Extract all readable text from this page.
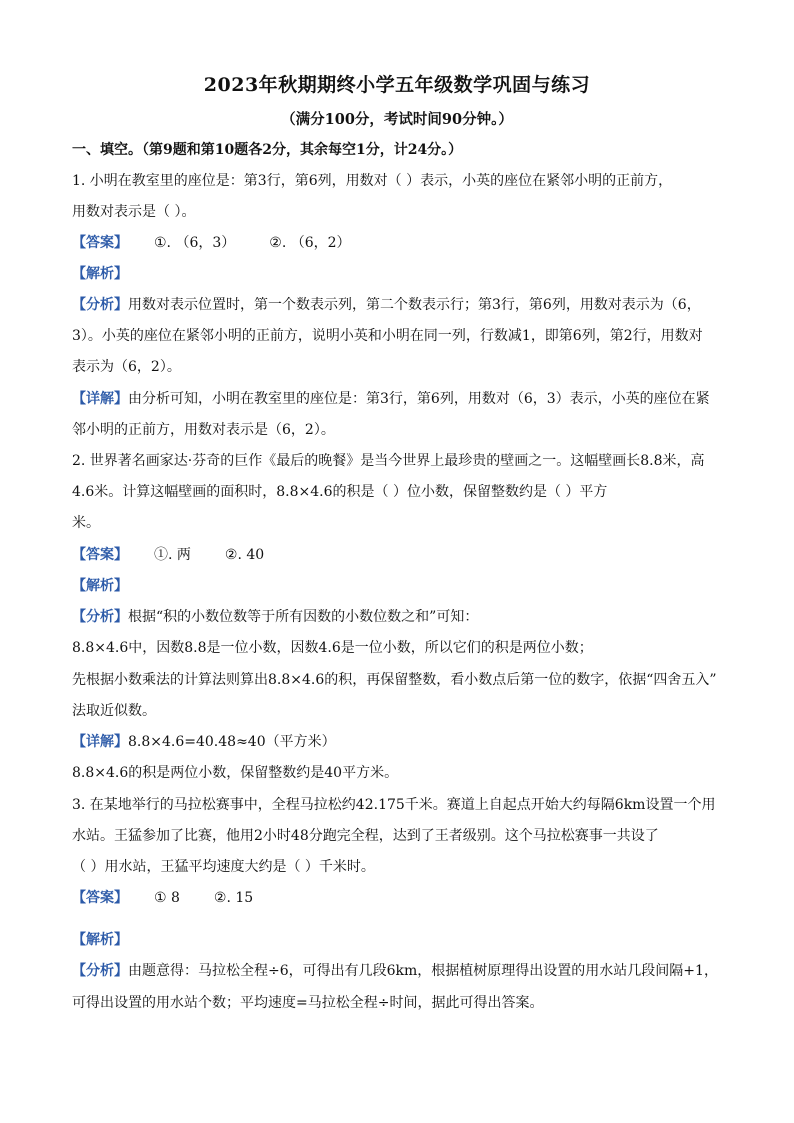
2023年秋期期终小学五年级数学巩固与练习
（满分100分，考试时间90分钟。）
一、填空。（第9题和第10题各2分，其余每空1分，计24分。）
1. 小明在教室里的座位是：第3行，第6列，用数对（ ）表示，小英的座位在紧邻小明的正前方，
用数对表示是（ ）。
【答案】 ①. （6，3） ②. （6，2）
【解析】
【分析】用数对表示位置时，第一个数表示列，第二个数表示行；第3行，第6列，用数对表示为（6，
3）。小英的座位在紧邻小明的正前方，说明小英和小明在同一列，行数减1，即第6列，第2行，用数对
表示为（6，2）。
【详解】由分析可知，小明在教室里的座位是：第3行，第6列，用数对（6，3）表示，小英的座位在紧
邻小明的正前方，用数对表示是（6，2）。
2. 世界著名画家达·芬奇的巨作《最后的晚餐》是当今世界上最珍贵的壁画之一。这幅壁画长8.8米，高
4.6米。计算这幅壁画的面积时，8.8×4.6的积是（ ）位小数，保留整数约是（ ）平方
米。
【答案】 ①. 两 ②. 40
【解析】
【分析】根据“积的小数位数等于所有因数的小数位数之和”可知：
8.8×4.6中，因数8.8是一位小数，因数4.6是一位小数，所以它们的积是两位小数；
先根据小数乘法的计算法则算出8.8×4.6的积，再保留整数，看小数点后第一位的数字，依据“四舍五入”
法取近似数。
【详解】8.8×4.6=40.48≈40（平方米）
8.8×4.6的积是两位小数，保留整数约是40平方米。
3. 在某地举行的马拉松赛事中，全程马拉松约42.175千米。赛道上自起点开始大约每隔6km设置一个用
水站。王猛参加了比赛，他用2小时48分跑完全程，达到了王者级别。这个马拉松赛事一共设了
（ ）用水站，王猛平均速度大约是（ ）千米时。
【答案】 ① 8 ②. 15
【解析】
【分析】由题意得：马拉松全程÷6，可得出有几段6km，根据植树原理得出设置的用水站几段间隔+1，
可得出设置的用水站个数；平均速度=马拉松全程÷时间，据此可得出答案。
